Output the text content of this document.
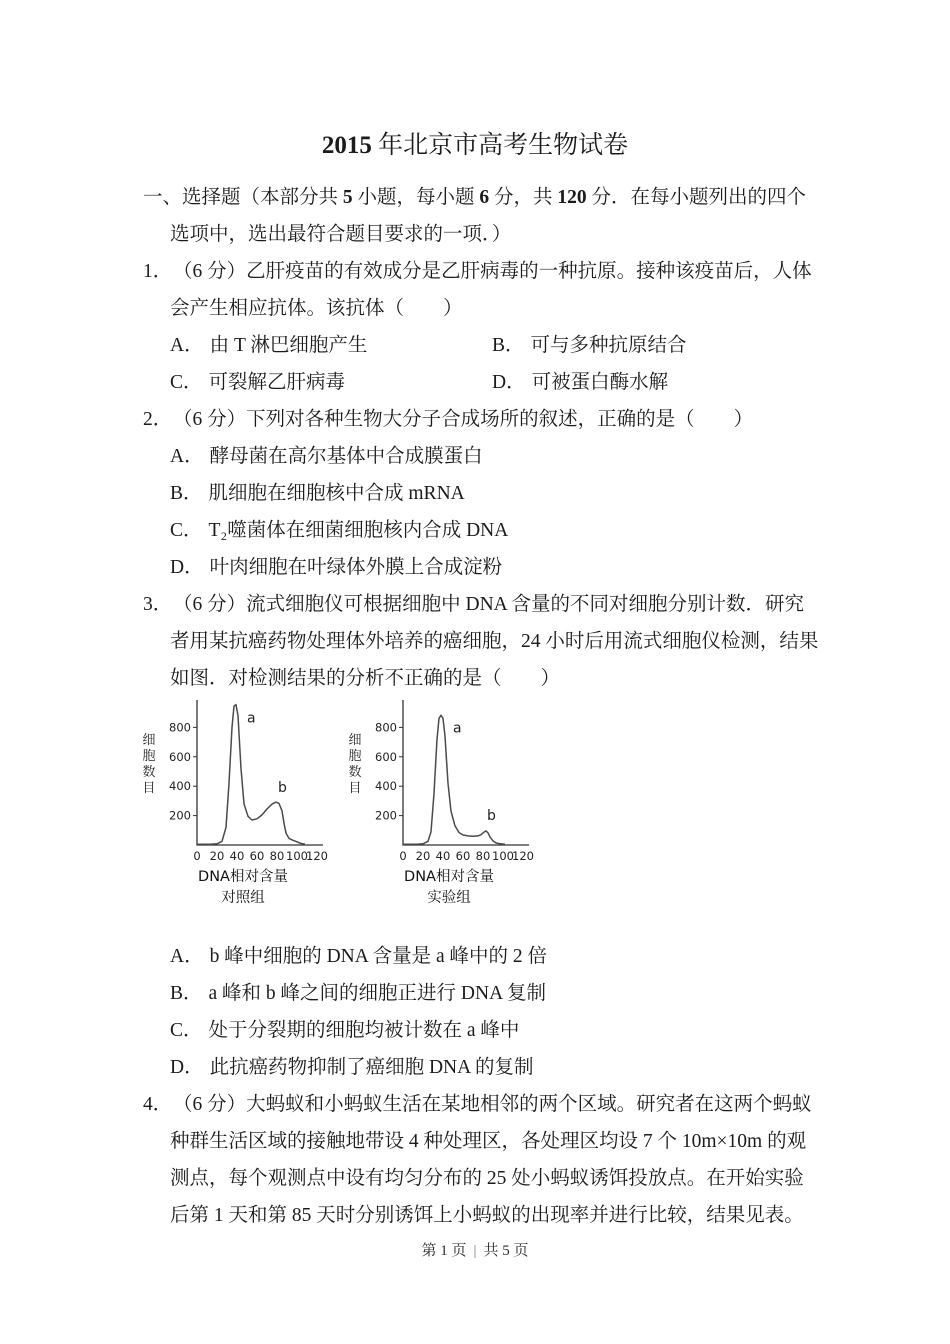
2015 年北京市高考生物试卷
一、选择题（本部分共 5 小题，每小题 6 分，共 120 分．在每小题列出的四个
选项中，选出最符合题目要求的一项．）
1． （6 分）乙肝疫苗的有效成分是乙肝病毒的一种抗原。接种该疫苗后，人体
会产生相应抗体。该抗体（　　）
A． 由 T 淋巴细胞产生	B． 可与多种抗原结合
C． 可裂解乙肝病毒	D． 可被蛋白酶水解
2． （6 分）下列对各种生物大分子合成场所的叙述，正确的是（　　）
A． 酵母菌在高尔基体中合成膜蛋白
B． 肌细胞在细胞核中合成 mRNA
C． T₂噬菌体在细菌细胞核内合成 DNA
D． 叶肉细胞在叶绿体外膜上合成淀粉
3． （6 分）流式细胞仪可根据细胞中 DNA 含量的不同对细胞分别计数．研究
者用某抗癌药物处理体外培养的癌细胞，24 小时后用流式细胞仪检测，结果
如图．对检测结果的分析不正确的是（　　）
细胞数目
0 20 40 60 80 100
120
200
400
600
800
a
b
DNA相对含量
对照组
细胞数目
0 20 40 60 80 100
120
200
400
600
800	a
b
DNA相对含量
实验组
A． b 峰中细胞的 DNA 含量是 a 峰中的 2 倍
B． a 峰和 b 峰之间的细胞正进行 DNA 复制
C． 处于分裂期的细胞均被计数在 a 峰中
D． 此抗癌药物抑制了癌细胞 DNA 的复制
4． （6 分）大蚂蚁和小蚂蚁生活在某地相邻的两个区域。研究者在这两个蚂蚁
种群生活区域的接触地带设 4 种处理区，各处理区均设 7 个 10m×10m 的观
测点，每个观测点中设有均匀分布的 25 处小蚂蚁诱饵投放点。在开始实验
后第 1 天和第 85 天时分别诱饵上小蚂蚁的出现率并进行比较，结果见表。
第 1 页 | 共 5 页
